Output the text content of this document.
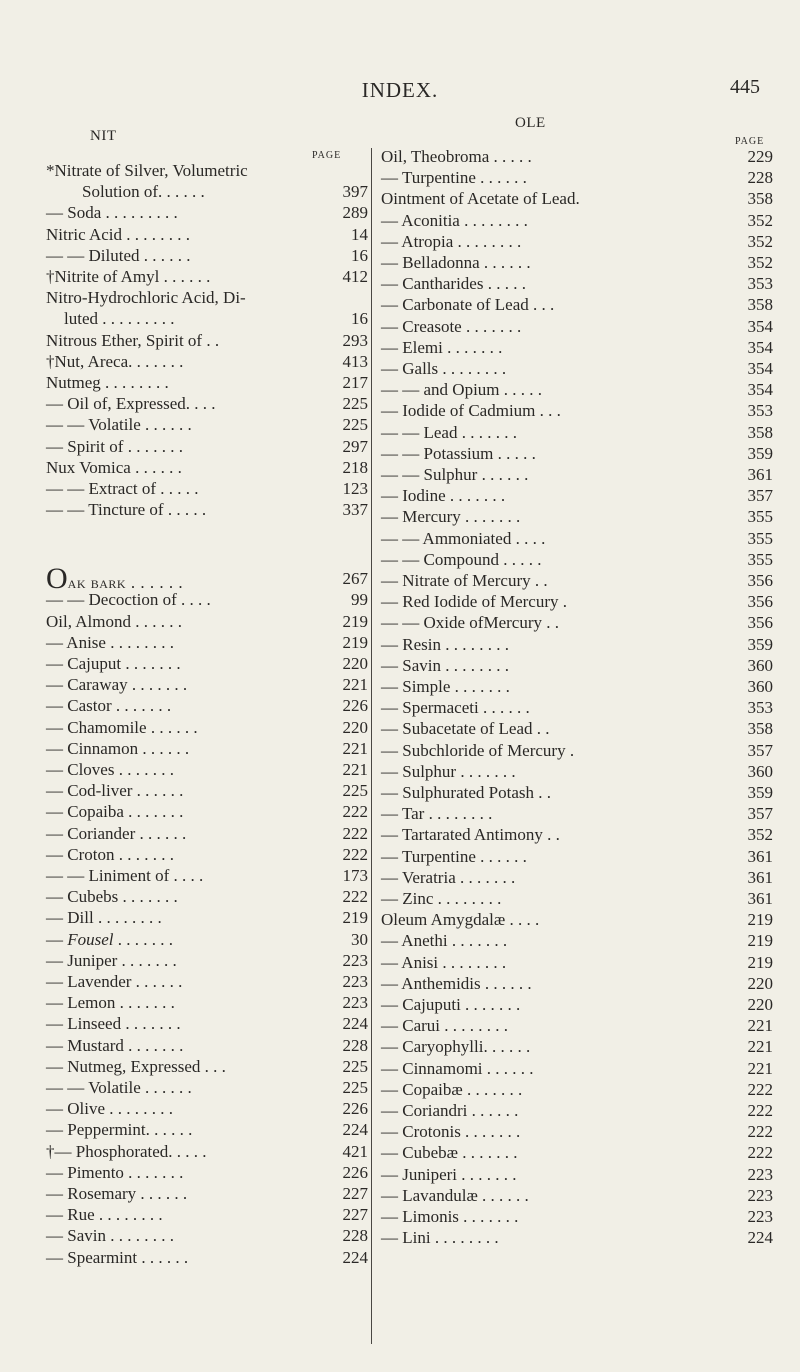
INDEX.	445
NIT
PAGE
OLE
PAGE
*Nitrate of Silver, Volumetric
Solution of. . . . . .	397
— Soda . . . . . . . . .	289
Nitric Acid . . . . . . . .	14
— — Diluted . . . . . .	16
†Nitrite of Amyl . . . . . .	412
Nitro-Hydrochloric Acid, Di-
luted . . . . . . . . .	16
Nitrous Ether, Spirit of . .	293
†Nut, Areca. . . . . . .	413
Nutmeg . . . . . . . .	217
— Oil of, Expressed. . . .	225
— — Volatile . . . . . .	225
— Spirit of . . . . . . .	297
Nux Vomica . . . . . .	218
— — Extract of . . . . .	123
— — Tincture of . . . . .	337
Oak bark . . . . . .	267
— — Decoction of . . . .	99
Oil, Almond . . . . . .	219
— Anise . . . . . . . .	219
— Cajuput . . . . . . .	220
— Caraway . . . . . . .	221
— Castor . . . . . . .	226
— Chamomile . . . . . .	220
— Cinnamon . . . . . .	221
— Cloves . . . . . . .	221
— Cod-liver . . . . . .	225
— Copaiba . . . . . . .	222
— Coriander . . . . . .	222
— Croton . . . . . . .	222
— — Liniment of . . . .	173
— Cubebs . . . . . . .	222
— Dill . . . . . . . .	219
— Fousel . . . . . . .	30
— Juniper . . . . . . .	223
— Lavender . . . . . .	223
— Lemon . . . . . . .	223
— Linseed . . . . . . .	224
— Mustard . . . . . . .	228
— Nutmeg, Expressed . . .	225
— — Volatile . . . . . .	225
— Olive . . . . . . . .	226
— Peppermint. . . . . .	224
†— Phosphorated. . . . .	421
— Pimento . . . . . . .	226
— Rosemary . . . . . .	227
— Rue . . . . . . . .	227
— Savin . . . . . . . .	228
— Spearmint . . . . . .	224
Oil, Theobroma . . . . .	229
— Turpentine . . . . . .	228
Ointment of Acetate of Lead.	358
— Aconitia . . . . . . . .	352
— Atropia . . . . . . . .	352
— Belladonna . . . . . .	352
— Cantharides . . . . .	353
— Carbonate of Lead . . .	358
— Creasote . . . . . . .	354
— Elemi . . . . . . .	354
— Galls . . . . . . . .	354
— — and Opium . . . . .	354
— Iodide of Cadmium . . .	353
— — Lead . . . . . . .	358
— — Potassium . . . . .	359
— — Sulphur . . . . . .	361
— Iodine . . . . . . .	357
— Mercury . . . . . . .	355
— — Ammoniated . . . .	355
— — Compound . . . . .	355
— Nitrate of Mercury . .	356
— Red Iodide of Mercury .	356
— — Oxide ofMercury . .	356
— Resin . . . . . . . .	359
— Savin . . . . . . . .	360
— Simple . . . . . . .	360
— Spermaceti . . . . . .	353
— Subacetate of Lead . .	358
— Subchloride of Mercury .	357
— Sulphur . . . . . . .	360
— Sulphurated Potash . .	359
— Tar . . . . . . . .	357
— Tartarated Antimony . .	352
— Turpentine . . . . . .	361
— Veratria . . . . . . .	361
— Zinc . . . . . . . .	361
Oleum Amygdalæ . . . .	219
— Anethi . . . . . . .	219
— Anisi . . . . . . . .	219
— Anthemidis . . . . . .	220
— Cajuputi . . . . . . .	220
— Carui . . . . . . . .	221
— Caryophylli. . . . . .	221
— Cinnamomi . . . . . .	221
— Copaibæ . . . . . . .	222
— Coriandri . . . . . .	222
— Crotonis . . . . . . .	222
— Cubebæ . . . . . . .	222
— Juniperi . . . . . . .	223
— Lavandulæ . . . . . .	223
— Limonis . . . . . . .	223
— Lini . . . . . . . .	224
